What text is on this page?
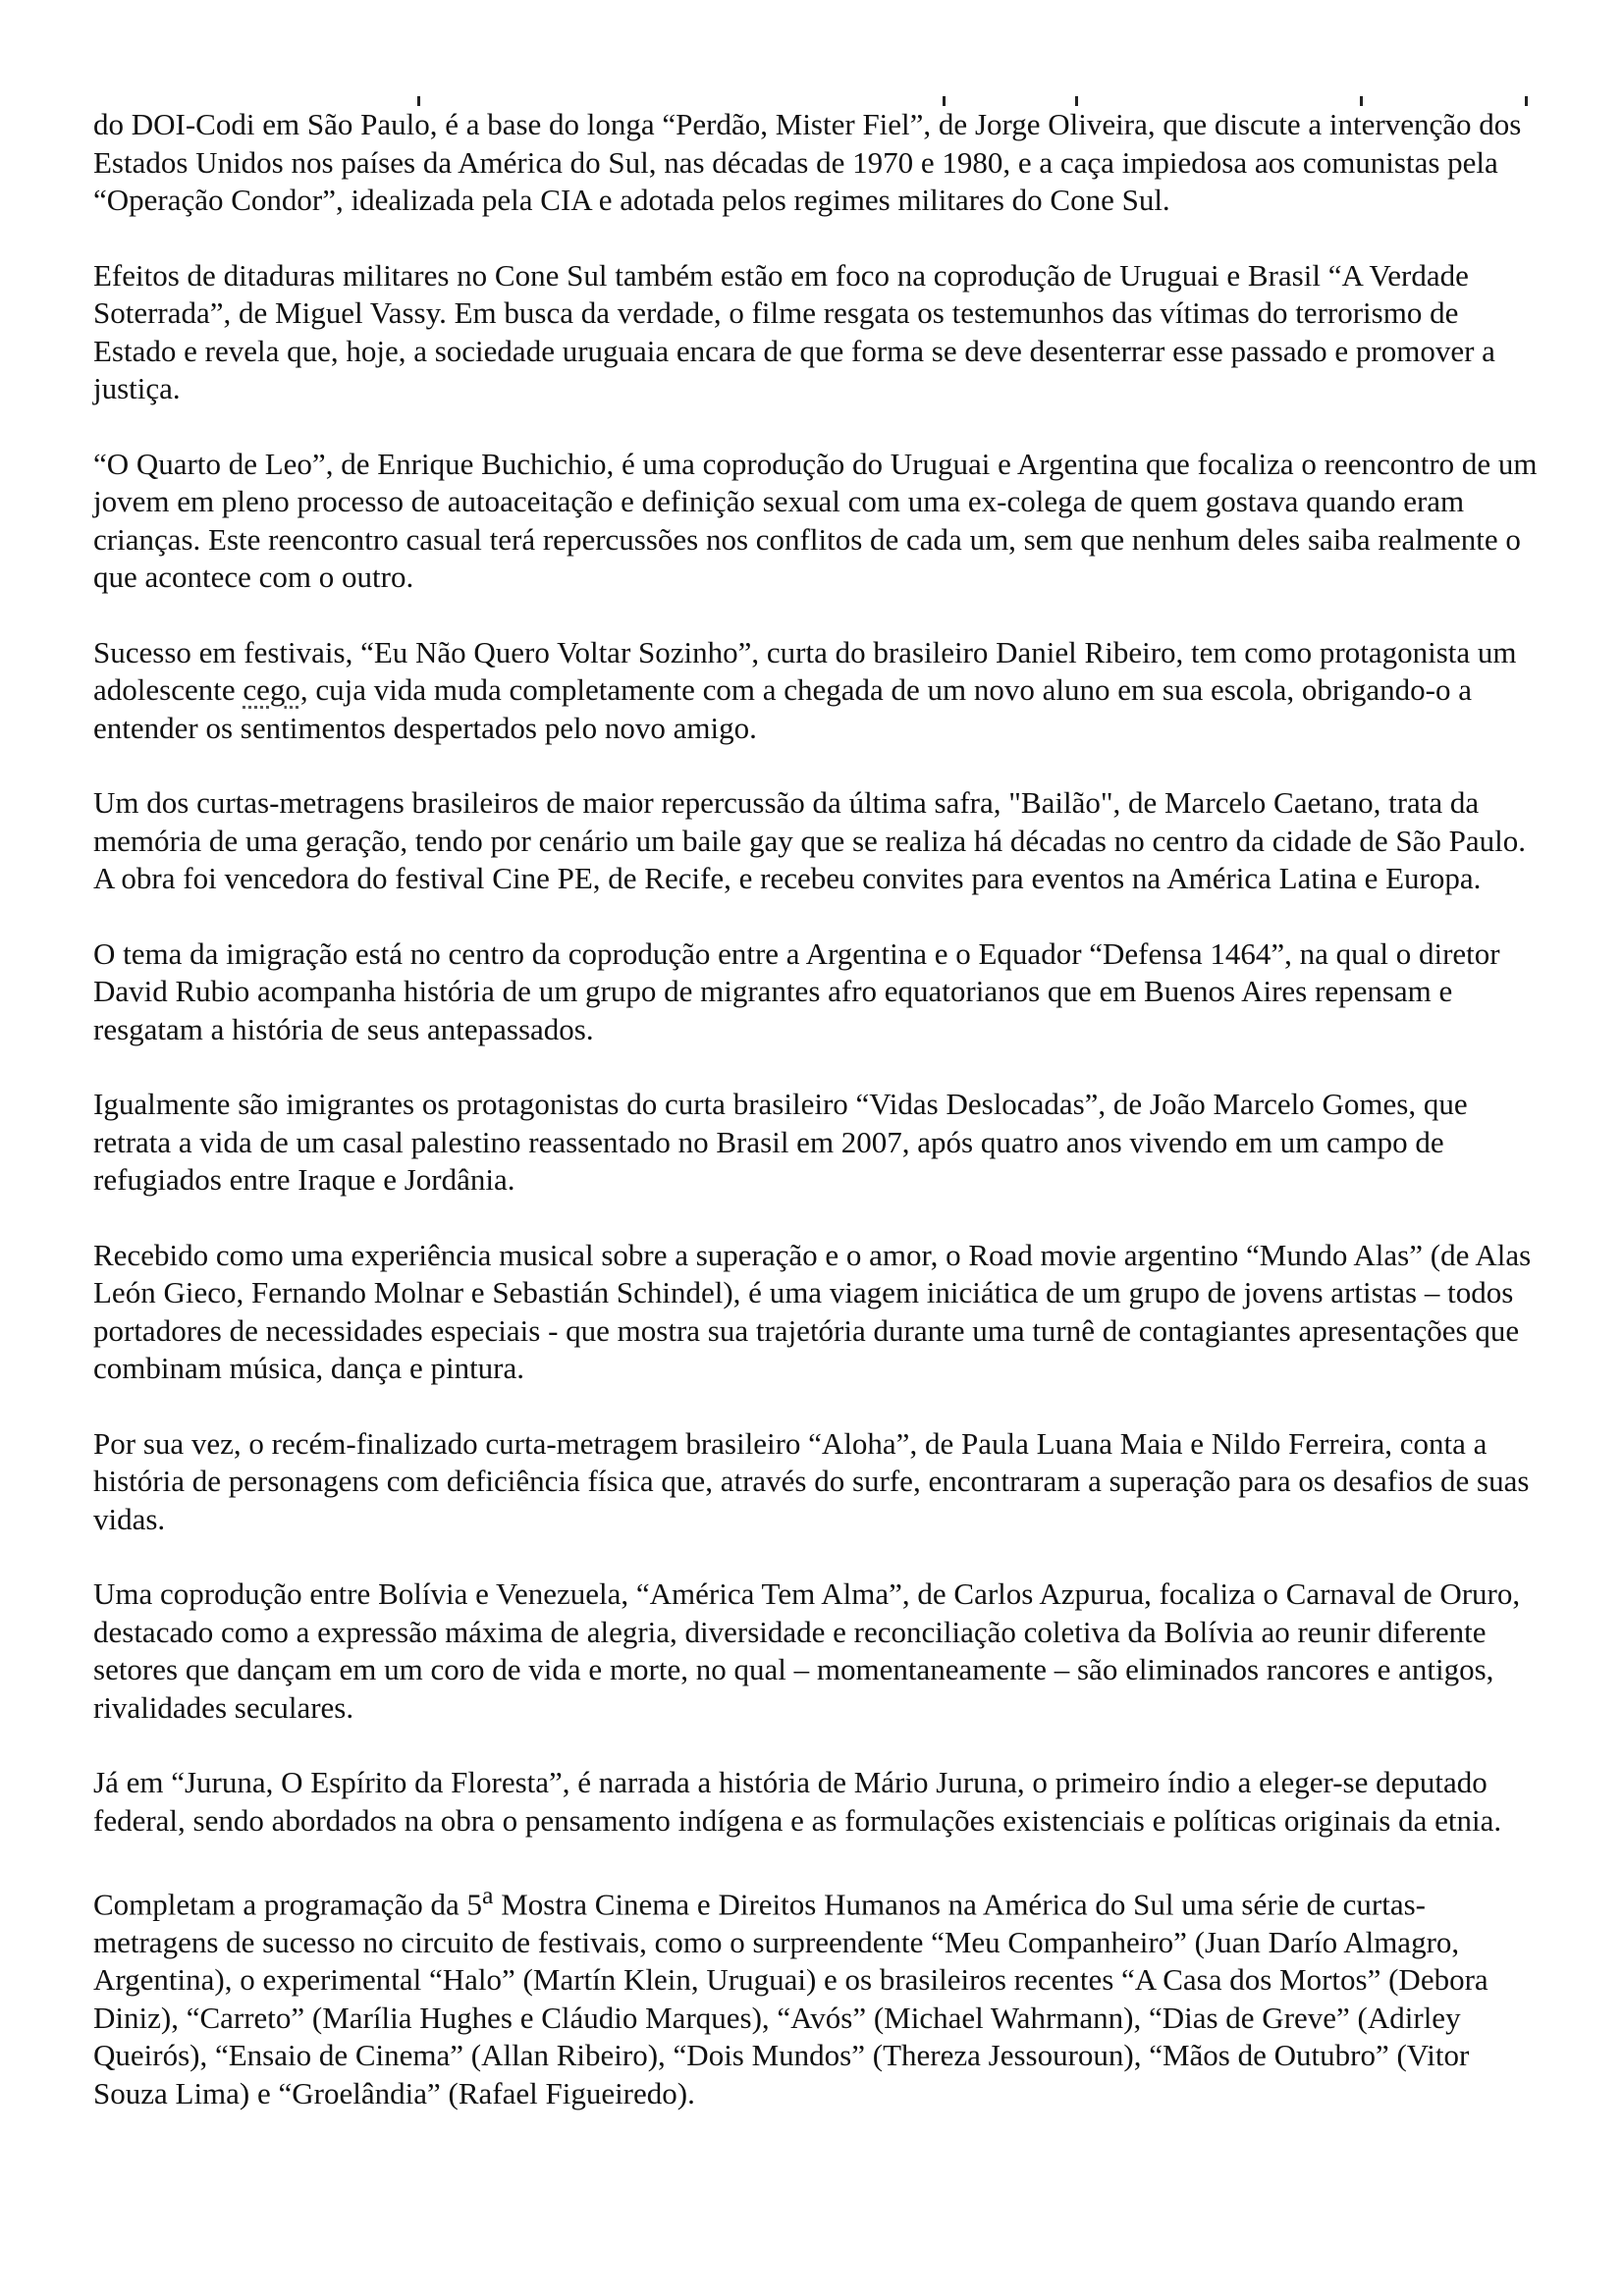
do DOI-Codi em São Paulo, é a base do longa “Perdão, Mister Fiel”, de Jorge Oliveira, que discute a intervenção dos Estados Unidos nos países da América do Sul, nas décadas de 1970 e 1980, e a caça impiedosa aos comunistas pela “Operação Condor”, idealizada pela CIA e adotada pelos regimes militares do Cone Sul.

Efeitos de ditaduras militares no Cone Sul também estão em foco na coprodução de Uruguai e Brasil “A Verdade Soterrada”, de Miguel Vassy. Em busca da verdade, o filme resgata os testemunhos das vítimas do terrorismo de Estado e revela que, hoje, a sociedade uruguaia encara de que forma se deve desenterrar esse passado e promover a justiça.

“O Quarto de Leo”, de Enrique Buchichio, é uma coprodução do Uruguai e Argentina que focaliza o reencontro de um jovem em pleno processo de autoaceitação e definição sexual com uma ex-colega de quem gostava quando eram crianças. Este reencontro casual terá repercussões nos conflitos de cada um, sem que nenhum deles saiba realmente o que acontece com o outro.

Sucesso em festivais, “Eu Não Quero Voltar Sozinho”, curta do brasileiro Daniel Ribeiro, tem como protagonista um adolescente cego, cuja vida muda completamente com a chegada de um novo aluno em sua escola, obrigando-o a entender os sentimentos despertados pelo novo amigo.

Um dos curtas-metragens brasileiros de maior repercussão da última safra, "Bailão", de Marcelo Caetano, trata da memória de uma geração, tendo por cenário um baile gay que se realiza há décadas no centro da cidade de São Paulo. A obra foi vencedora do festival Cine PE, de Recife, e recebeu convites para eventos na América Latina e Europa.

O tema da imigração está no centro da coprodução entre a Argentina e o Equador “Defensa 1464”, na qual o diretor David Rubio acompanha história de um grupo de migrantes afro equatorianos que em Buenos Aires repensam e resgatam a história de seus antepassados.

Igualmente são imigrantes os protagonistas do curta brasileiro “Vidas Deslocadas”, de João Marcelo Gomes, que retrata a vida de um casal palestino reassentado no Brasil em 2007, após quatro anos vivendo em um campo de refugiados entre Iraque e Jordânia.

Recebido como uma experiência musical sobre a superação e o amor, o Road movie argentino “Mundo Alas” (de Alas León Gieco, Fernando Molnar e Sebastián Schindel), é uma viagem iniciática de um grupo de jovens artistas – todos portadores de necessidades especiais - que mostra sua trajetória durante uma turnê de contagiantes apresentações que combinam música, dança e pintura.

Por sua vez, o recém-finalizado curta-metragem brasileiro “Aloha”, de Paula Luana Maia e Nildo Ferreira, conta a história de personagens com deficiência física que, através do surfe, encontraram a superação para os desafios de suas vidas.

Uma coprodução entre Bolívia e Venezuela, “América Tem Alma”, de Carlos Azpurua, focaliza o Carnaval de Oruro, destacado como a expressão máxima de alegria, diversidade e reconciliação coletiva da Bolívia ao reunir diferente setores que dançam em um coro de vida e morte, no qual – momentaneamente – são eliminados rancores e antigos, rivalidades seculares.

Já em “Juruna, O Espírito da Floresta”, é narrada a história de Mário Juruna, o primeiro índio a eleger-se deputado federal, sendo abordados na obra o pensamento indígena e as formulações existenciais e políticas originais da etnia.

Completam a programação da 5$^a$ Mostra Cinema e Direitos Humanos na América do Sul uma série de curtas-metragens de sucesso no circuito de festivais, como o surpreendente “Meu Companheiro” (Juan Darío Almagro, Argentina), o experimental “Halo” (Martín Klein, Uruguai) e os brasileiros recentes “A Casa dos Mortos” (Debora Diniz), “Carreto” (Marília Hughes e Cláudio Marques), “Avós” (Michael Wahrmann), “Dias de Greve” (Adirley Queirós), “Ensaio de Cinema” (Allan Ribeiro), “Dois Mundos” (Thereza Jessouroun), “Mãos de Outubro” (Vitor Souza Lima) e “Groelândia” (Rafael Figueiredo).
